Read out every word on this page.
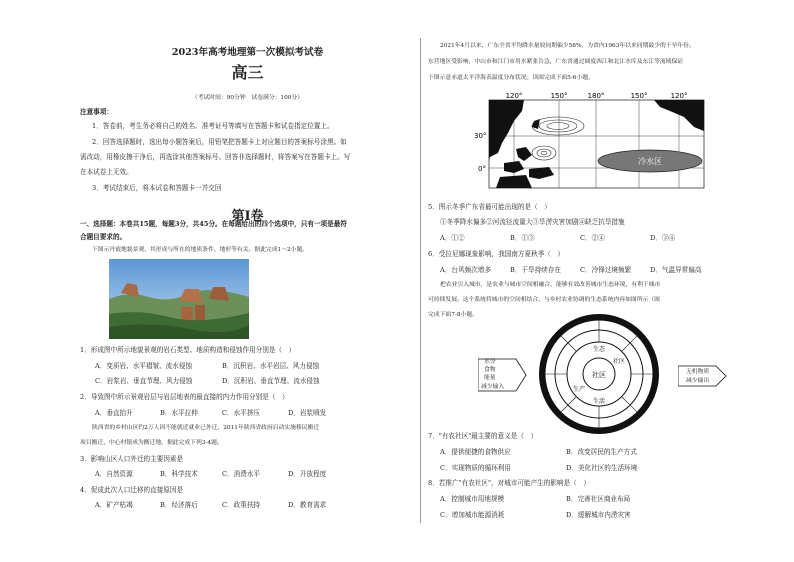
2023年高考地理第一次模拟考试卷
高三
（考试时间：90分钟　试卷满分：100分）
注意事项：
1．答卷前，考生务必将自己的姓名、准考证号等填写在答题卡和试卷指定位置上。
2．回答选择题时，选出每小题答案后，用铅笔把答题卡上对应题目的答案标号涂黑。如
需改动，用橡皮擦干净后，再选涂其他答案标号。回答非选择题时，将答案写在答题卡上。写
在本试卷上无效。
3．考试结束后，将本试卷和答题卡一并交回
第Ⅰ卷
一、选择题：本卷共15题，每题3分，共45分。在每题给出的四个选项中，只有一项是最符
合题目要求的。
下图示丹霞地貌景观，其形成与所在的地质条件、地形等有关。据此完成1～2小题。
1．形成图中所示地貌景观的岩石类型、地质构造和侵蚀作用分别是（　）
A．变质岩、水平褶皱、流水侵蚀	B．沉积岩、水平岩层、风力侵蚀
C．岩浆岩、垂直节理、风力侵蚀	D．沉积岩、垂直节理、流水侵蚀
2．导致图中所示景观岩层与岩层地表的最直接的内力作用分别是（　）
A．垂直抬升	B．水平拉伸	C．水平挤压	D．岩浆喷发
陕西省的乡村山区约2万人因不能就近就业已外迁，2011年陕西省政府启动实施移民搬迁
项目搬迁，中心村镇成为搬迁地。据此完成下列3-4题。
3．影响山区人口外迁的主要因素是
A．自然资源	B．科学技术	C．消费水平	D．开放程度
4．促成此次人口迁移的直接原因是
A．矿产枯竭	B．经济落后	C．政策扶持	D．教育需求
2021年4月以来，广东全省平均降水量较同期偏少58%，为省内1963年以来同期最少的干旱年份。
东营地区受影响，中山市和江门市用水紧张告急，广东省通过调度西江和北江水库及东江等流域保证
下图示意赤道太平洋海表温度分布状况。读图完成下面5-6小题。
120°	150°	180°	150°	120°
30°
0°
冷水区
5．图示冬季广东省最可能出现的是（　）
①冬季降水偏多②河流径流量大③旱涝灾害加剧④缺乏抗旱措施
A．①②	B．①③	C．②④	D．③④
6．受拉尼娜现象影响，我国南方夏秋季（　）
A．台风频次增多	B．干旱持续存在	C．冷锋过境频繁	D．气温异常偏高
把农业引入城市，是农业与城市空间相融合，能够有效改善城市生态环境，有利于城市
可持续发展。这个系统将城市的空间相结合，与乡村农业协调的生态系统内容如图所示（图
完成下面7-8小题。
社区
生态
社区
生产
生活
水分
食物
能量
减少输入
无机物质
减少输出
7．"有农社区"最主要的意义是（　）
A．提供便捷的食物供应	B．改变居民的生产方式
C．实现物质的循环利用	D．美化社区的生活环境
8．若推广"有农社区"，对城市可能产生的影响是（　）
A．控制城市用地规模	B．完善社区商业布局
C．增加城市能源消耗	D．缓解城市内涝灾害
